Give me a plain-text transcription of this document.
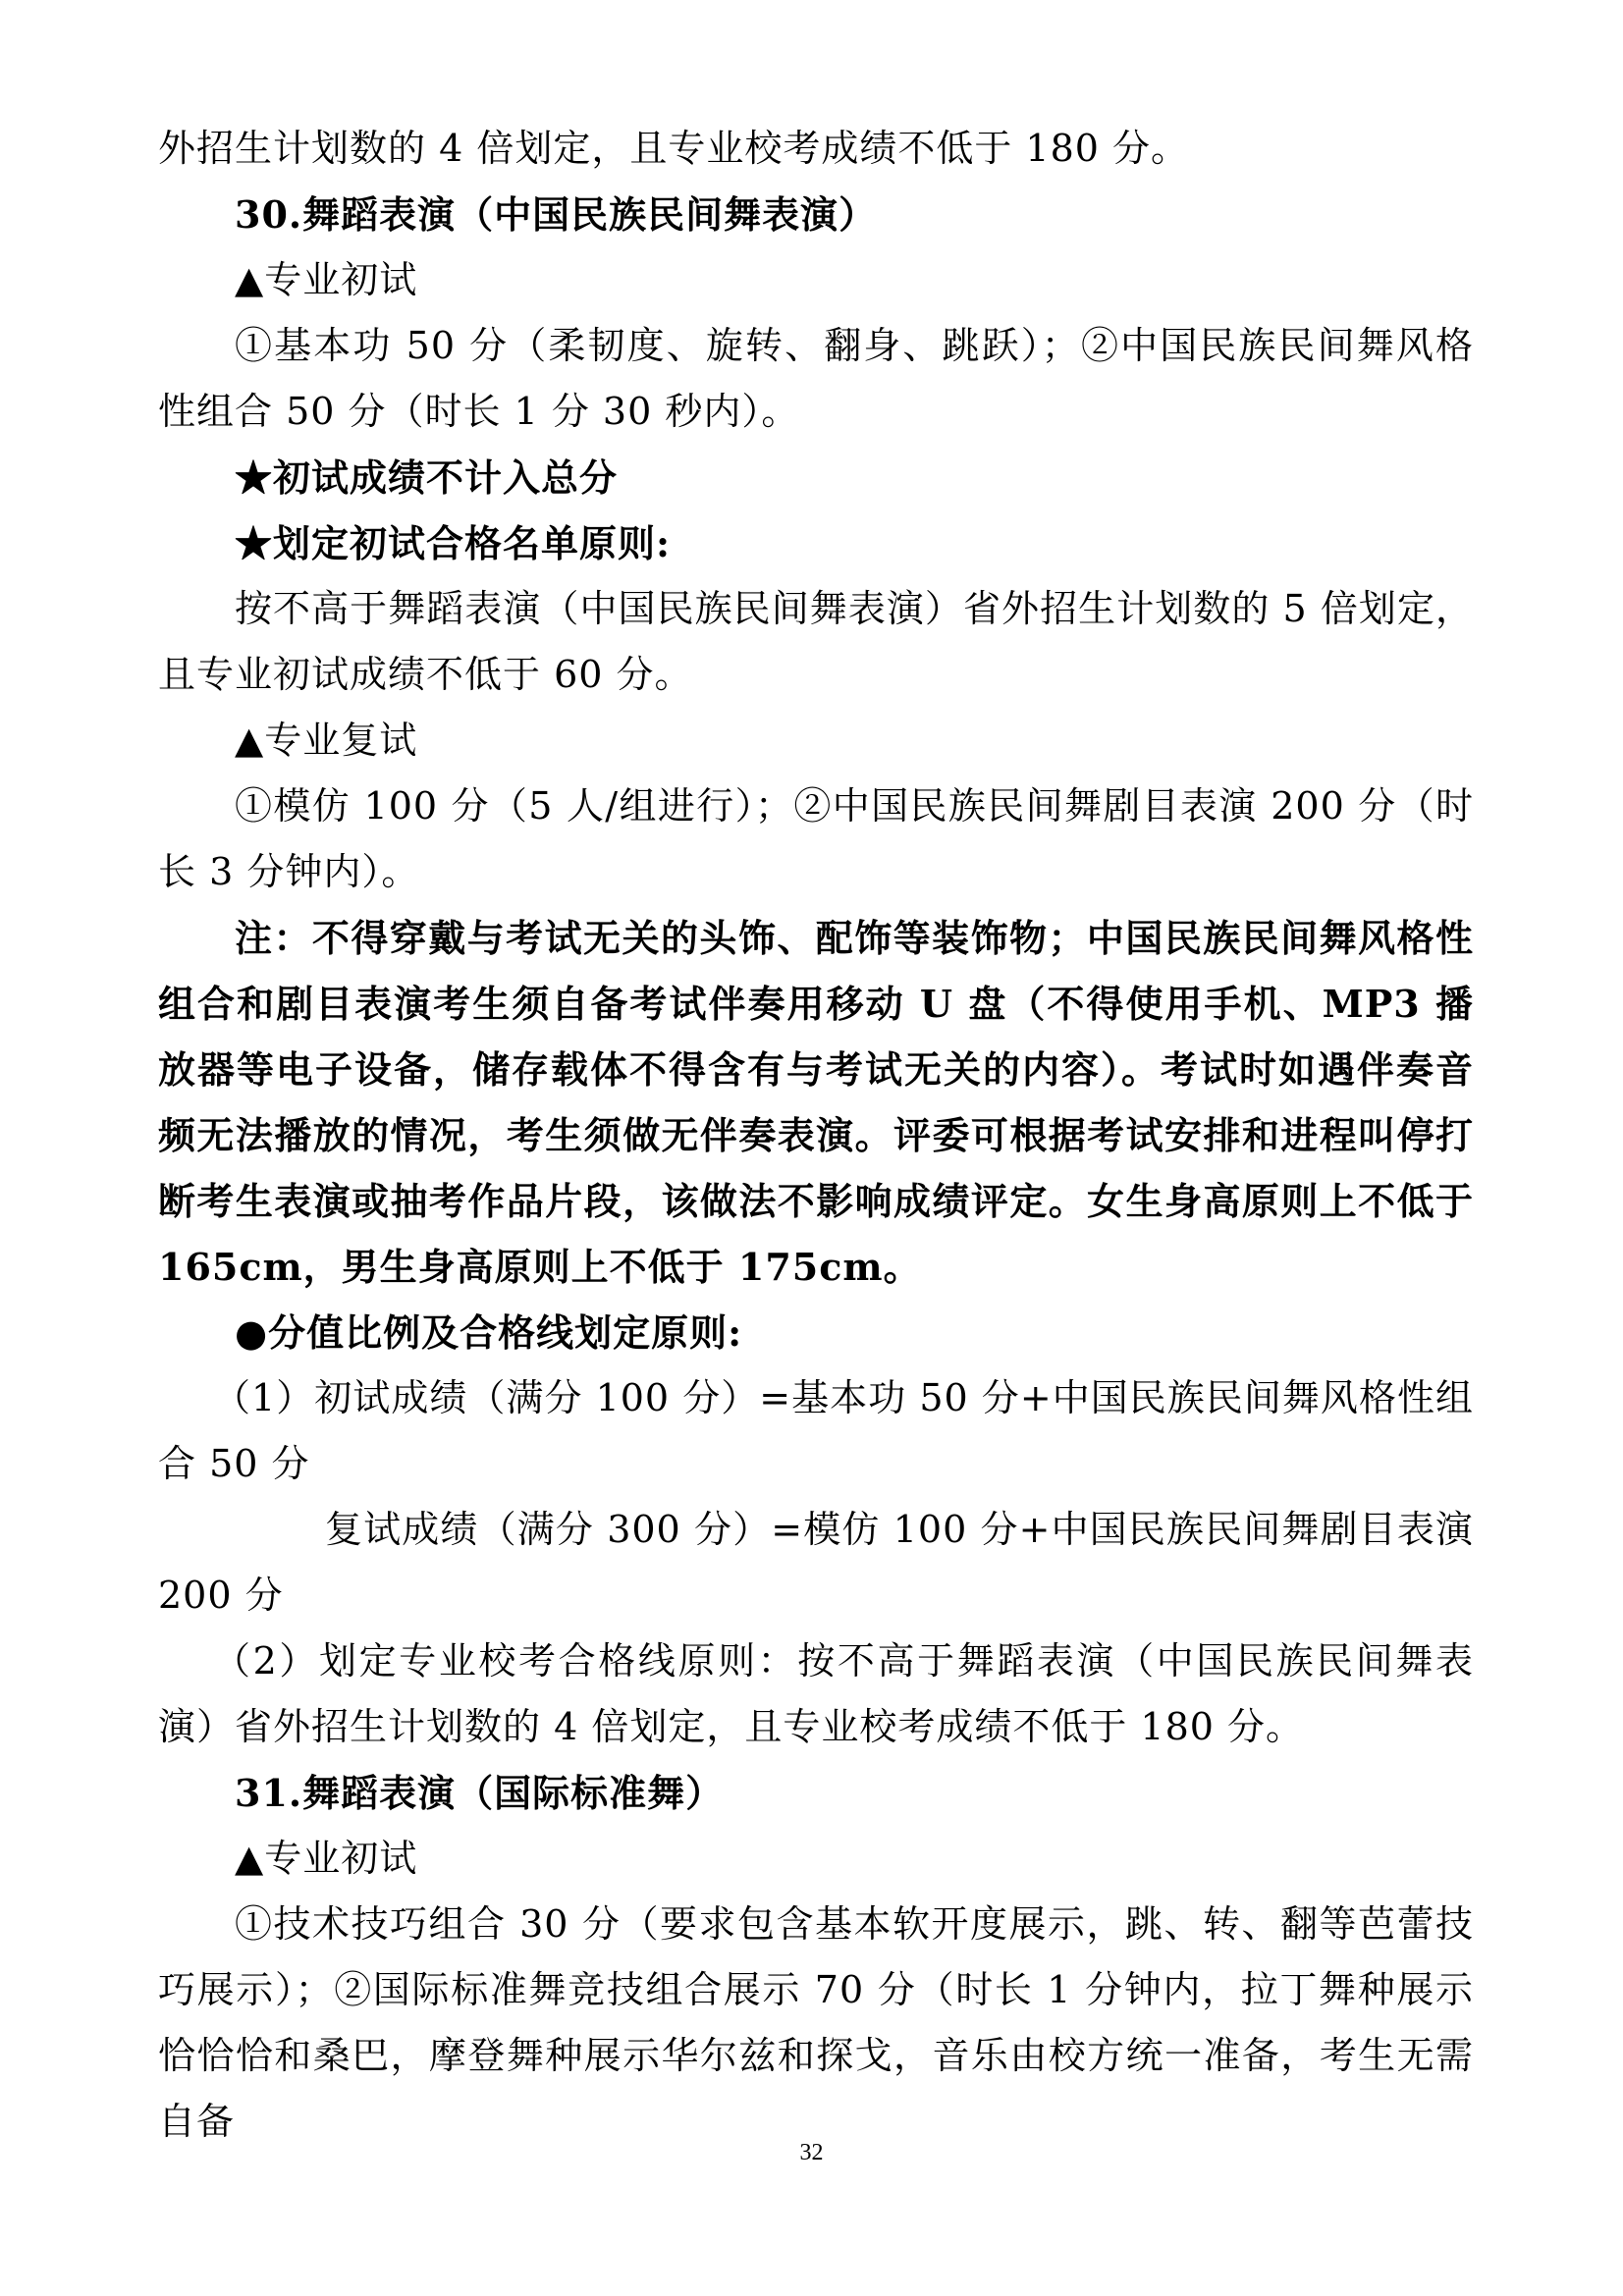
外招生计划数的 4 倍划定，且专业校考成绩不低于 180 分。

30.舞蹈表演（中国民族民间舞表演）

▲专业初试

①基本功 50 分（柔韧度、旋转、翻身、跳跃）；②中国民族民间舞风格性组合 50 分（时长 1 分 30 秒内）。

★初试成绩不计入总分

★划定初试合格名单原则:

按不高于舞蹈表演（中国民族民间舞表演）省外招生计划数的 5 倍划定，且专业初试成绩不低于 60 分。

▲专业复试

①模仿 100 分（5 人/组进行）；②中国民族民间舞剧目表演 200 分（时长 3 分钟内）。

注：不得穿戴与考试无关的头饰、配饰等装饰物；中国民族民间舞风格性组合和剧目表演考生须自备考试伴奏用移动 U 盘（不得使用手机、MP3 播放器等电子设备，储存载体不得含有与考试无关的内容）。考试时如遇伴奏音频无法播放的情况，考生须做无伴奏表演。评委可根据考试安排和进程叫停打断考生表演或抽考作品片段，该做法不影响成绩评定。女生身高原则上不低于 165cm，男生身高原则上不低于 175cm。

●分值比例及合格线划定原则:

（1）初试成绩（满分 100 分）=基本功 50 分+中国民族民间舞风格性组合 50 分

复试成绩（满分 300 分）=模仿 100 分+中国民族民间舞剧目表演 200 分

（2）划定专业校考合格线原则：按不高于舞蹈表演（中国民族民间舞表演）省外招生计划数的 4 倍划定，且专业校考成绩不低于 180 分。

31.舞蹈表演（国际标准舞）

▲专业初试

①技术技巧组合 30 分（要求包含基本软开度展示，跳、转、翻等芭蕾技巧展示）；②国际标准舞竞技组合展示 70 分（时长 1 分钟内，拉丁舞种展示恰恰恰和桑巴，摩登舞种展示华尔兹和探戈，音乐由校方统一准备，考生无需自备

32
